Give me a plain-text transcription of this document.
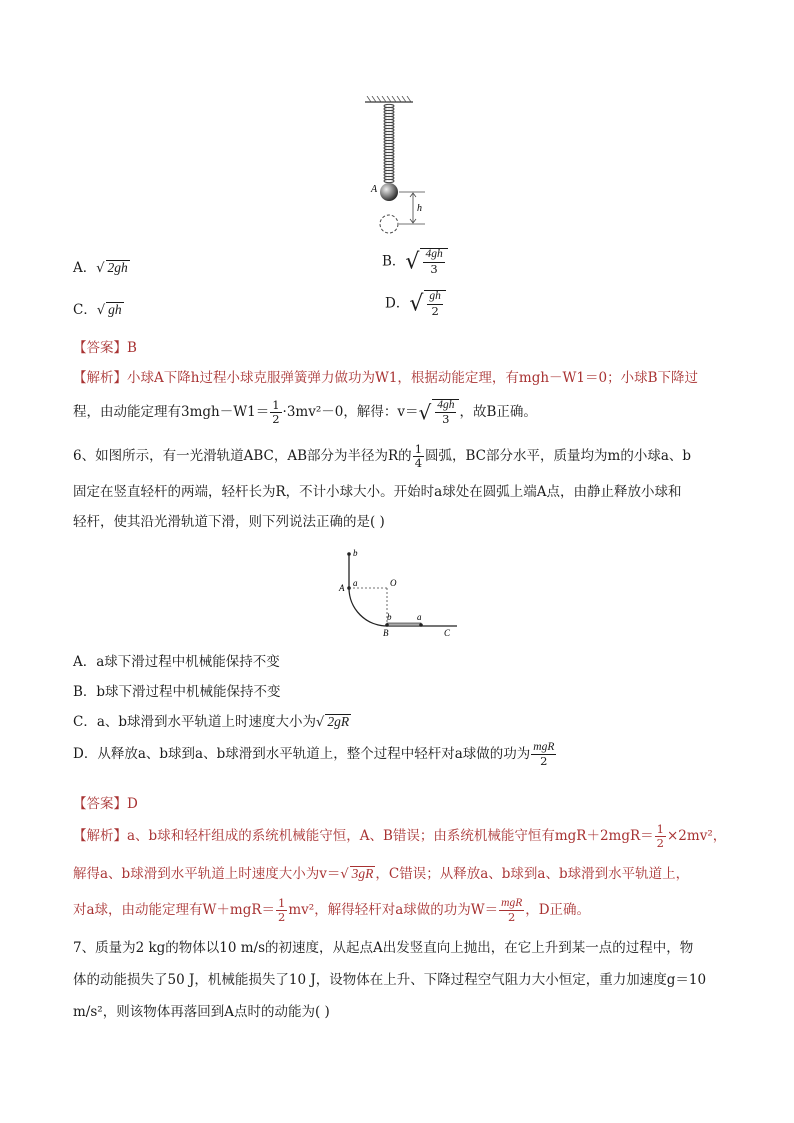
A
h
A．√ 2gh	B．√ $\frac{4gh}{3}$
C．√ gh	D．√ $\frac{gh}{2}$
【答案】B
【解析】小球A下降h过程小球克服弹簧弹力做功为W1，根据动能定理，有mgh－W1＝0；小球B下降过
程，由动能定理有$3mgh-W1= \frac{1}{2} \cdot 3mv^2-0$，解得：$v=√ \frac{4gh}{3}$ ，故B正确。
6、如图所示，有一光滑轨道ABC，AB部分为半径为R的 $\frac{1}{4}$ 圆弧，BC部分水平，质量均为m的小球a、b
固定在竖直轻杆的两端，轻杆长为R，不计小球大小。开始时a球处在圆弧上端A点，由静止释放小球和
轻杆，使其沿光滑轨道下滑，则下列说法正确的是( )
b
a
A	O
b	a
B	C
A．a球下滑过程中机械能保持不变
B．b球下滑过程中机械能保持不变
C．a、b球滑到水平轨道上时速度大小为√ 2gR
D．从释放a、b球到a、b球滑到水平轨道上，整个过程中轻杆对a球做的功为 $\frac{\text{mgR}}{2}$
【答案】D
【解析】a、b球和轻杆组成的系统机械能守恒，A、B错误；由系统机械能守恒有$mgR+2mgR= \frac{1}{2} \times 2mv^2$，
解得a、b球滑到水平轨道上时速度大小为v＝√ 3gR ，C错误；从释放a、b球到a、b球滑到水平轨道上，
对a球，由动能定理有$W+mgR= \frac{1}{2} mv^2$，解得轻杆对a球做的功为$W= \frac{\text{mgR}}{2}$ ，D正确。
7、质量为2 kg的物体以10 m/s的初速度，从起点A出发竖直向上抛出，在它上升到某一点的过程中，物
体的动能损失了50 J，机械能损失了10 J，设物体在上升、下降过程空气阻力大小恒定，重力加速度g＝10
m/s²，则该物体再落回到A点时的动能为( )
